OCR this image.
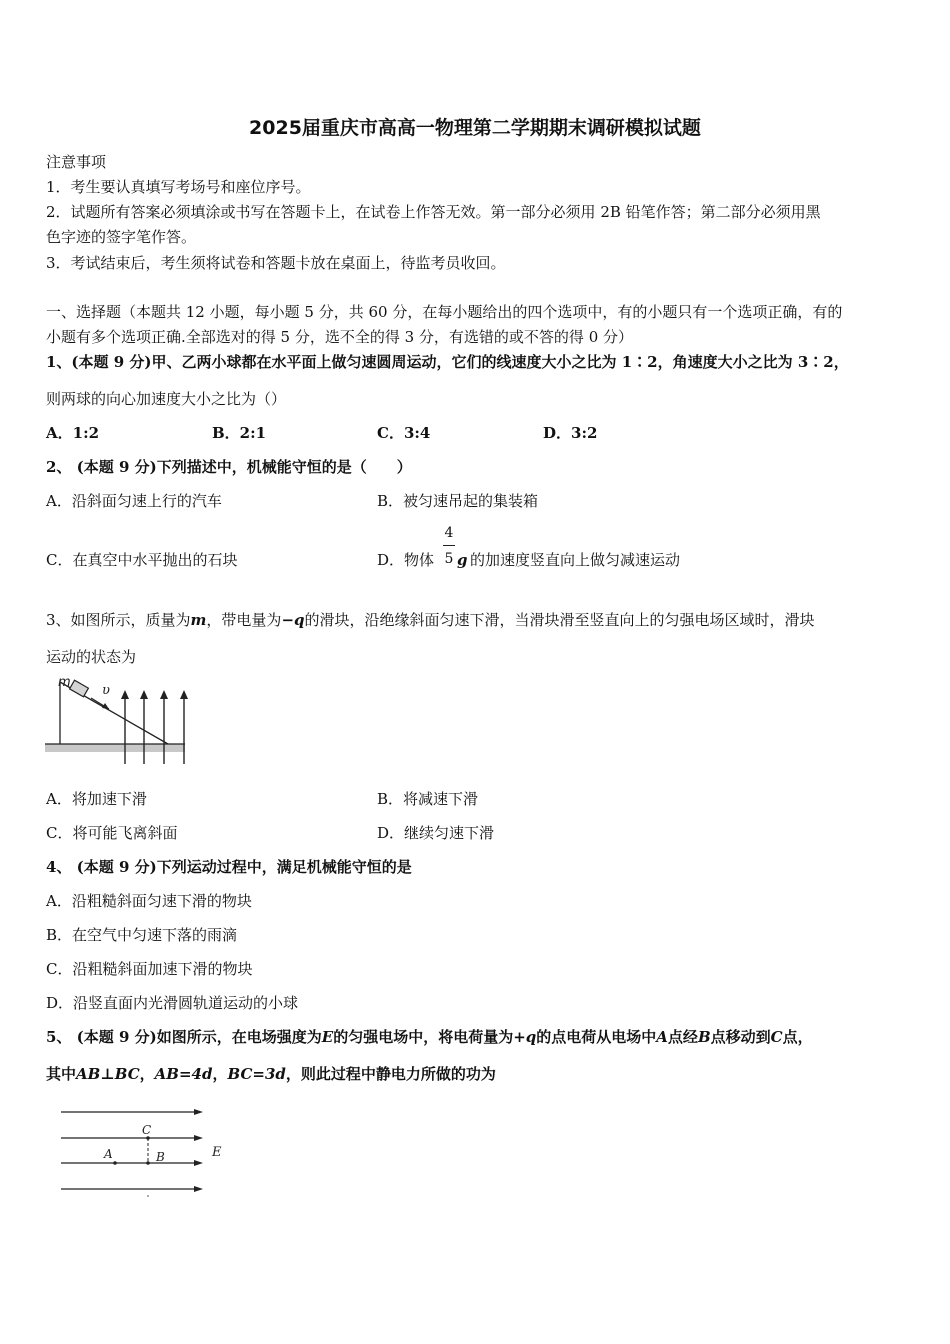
2025届重庆市高高一物理第二学期期末调研模拟试题
注意事项
1．考生要认真填写考场号和座位序号。
2．试题所有答案必须填涂或书写在答题卡上，在试卷上作答无效。第一部分必须用 2B 铅笔作答；第二部分必须用黑
色字迹的签字笔作答。
3．考试结束后，考生须将试卷和答题卡放在桌面上，待监考员收回。
一、选择题（本题共 12 小题，每小题 5 分，共 60 分，在每小题给出的四个选项中，有的小题只有一个选项正确，有的
小题有多个选项正确.全部选对的得 5 分，选不全的得 3 分，有选错的或不答的得 0 分）
1、(本题 9 分)甲、乙两小球都在水平面上做匀速圆周运动，它们的线速度大小之比为 1∶2，角速度大小之比为 3∶2，
则两球的向心加速度大小之比为（）
A．1:2	B．2:1	C．3:4	D．3:2
2、 (本题 9 分)下列描述中，机械能守恒的是（　　）
A．沿斜面匀速上行的汽车	B．被匀速吊起的集装箱
C．在真空中水平抛出的石块	D．物体
4
5 g 的加速度竖直向上做匀减速运动
3、如图所示，质量为m，带电量为−q的滑块，沿绝缘斜面匀速下滑，当滑块滑至竖直向上的匀强电场区域时，滑块
运动的状态为
m
υ
A．将加速下滑	B．将减速下滑
C．将可能飞离斜面	D．继续匀速下滑
4、 (本题 9 分)下列运动过程中，满足机械能守恒的是
A．沿粗糙斜面匀速下滑的物块
B．在空气中匀速下落的雨滴
C．沿粗糙斜面加速下滑的物块
D．沿竖直面内光滑圆轨道运动的小球
5、 (本题 9 分)如图所示，在电场强度为E的匀强电场中，将电荷量为+q的点电荷从电场中A点经B点移动到C点，
其中AB⊥BC，AB=4d，BC=3d，则此过程中静电力所做的功为
C
A	B	E
